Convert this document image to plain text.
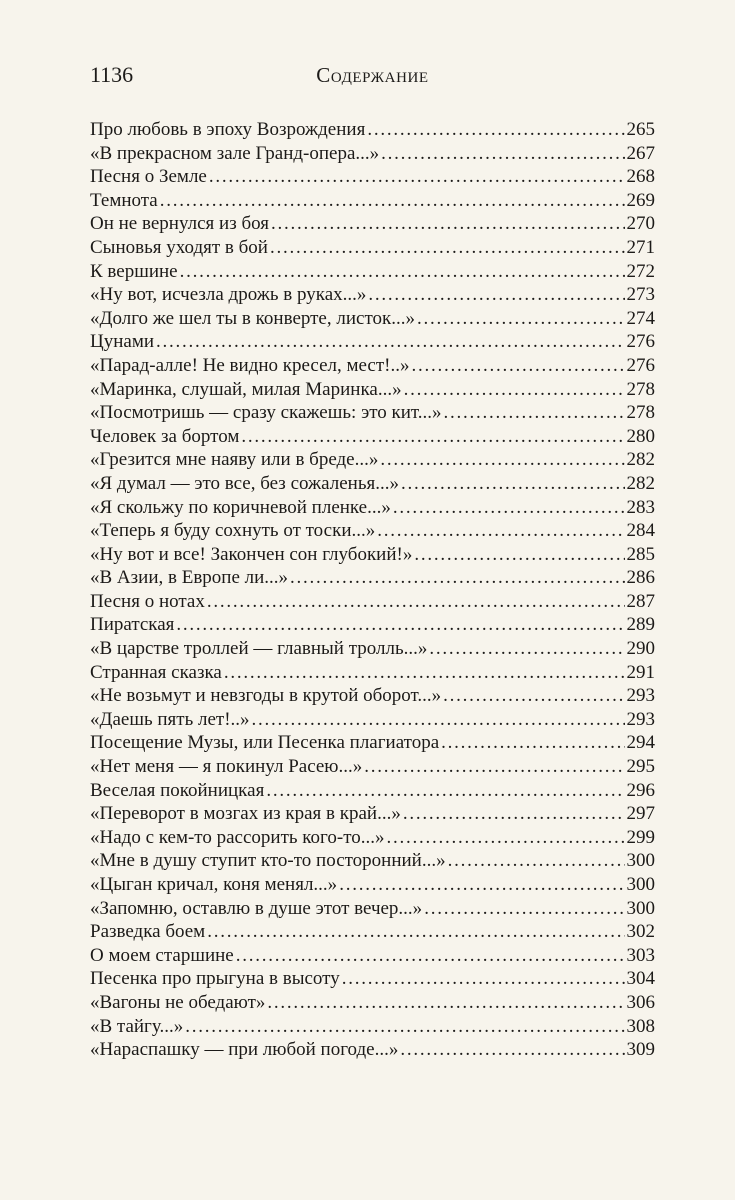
1136	Содержание
Про любовь в эпоху Возрождения . . .	265
«В прекрасном зале Гранд-опера...» . . .	267
Песня о Земле . . .	268
Темнота . . .	269
Он не вернулся из боя . . .	270
Сыновья уходят в бой . . .	271
К вершине . . .	272
«Ну вот, исчезла дрожь в руках...» . . .	273
«Долго же шел ты в конверте, листок...» . . .	274
Цунами . . .	276
«Парад-алле! Не видно кресел, мест!..» . . .	276
«Маринка, слушай, милая Маринка...» . . .	278
«Посмотришь — сразу скажешь: это кит...» . . .	278
Человек за бортом . . .	280
«Грезится мне наяву или в бреде...» . . .	282
«Я думал — это все, без сожаленья...» . . .	282
«Я скольжу по коричневой пленке...» . . .	283
«Теперь я буду сохнуть от тоски...» . . .	284
«Ну вот и все! Закончен сон глубокий!» . . .	285
«В Азии, в Европе ли...» . . .	286
Песня о нотах . . .	287
Пиратская . . .	289
«В царстве троллей — главный тролль...» . . .	290
Странная сказка . . .	291
«Не возьмут и невзгоды в крутой оборот...» . . .	293
«Даешь пять лет!..» . . .	293
Посещение Музы, или Песенка плагиатора . . .	294
«Нет меня — я покинул Расею...» . . .	295
Веселая покойницкая . . .	296
«Переворот в мозгах из края в край...» . . .	297
«Надо с кем-то рассорить кого-то...» . . .	299
«Мне в душу ступит кто-то посторонний...» . . .	300
«Цыган кричал, коня менял...» . . .	300
«Запомню, оставлю в душе этот вечер...» . . .	300
Разведка боем . . .	302
О моем старшине . . .	303
Песенка про прыгуна в высоту . . .	304
«Вагоны не обедают» . . .	306
«В тайгу...» . . .	308
«Нараспашку — при любой погоде...» . . .	309
